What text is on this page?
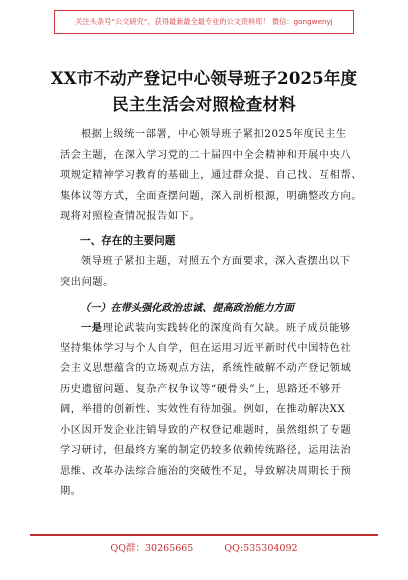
关注头条号“公文研究”，获得最新最全最专业的公文资料库！ 微信：gongwenyj
XX市不动产登记中心领导班子2025年度
民主生活会对照检查材料
根据上级统一部署，中心领导班子紧扣2025年度民主生
活会主题，在深入学习党的二十届四中全会精神和开展中央八
项规定精神学习教育的基础上，通过群众提、自己找、互相帮、
集体议等方式，全面查摆问题，深入剖析根源，明确整改方向。
现将对照检查情况报告如下。
一、存在的主要问题
领导班子紧扣主题，对照五个方面要求，深入查摆出以下
突出问题。
（一）在带头强化政治忠诚、提高政治能力方面
一是理论武装向实践转化的深度尚有欠缺。班子成员能够
坚持集体学习与个人自学，但在运用习近平新时代中国特色社
会主义思想蕴含的立场观点方法，系统性破解不动产登记领域
历史遗留问题、复杂产权争议等“硬骨头”上，思路还不够开
阔，举措的创新性、实效性有待加强。例如，在推动解决XX
小区因开发企业注销导致的产权登记难题时，虽然组织了专题
学习研讨，但最终方案的制定仍较多依赖传统路径，运用法治
思维、改革办法综合施治的突破性不足，导致解决周期长于预
期。
QQ群：30265665	QQ:535304092
